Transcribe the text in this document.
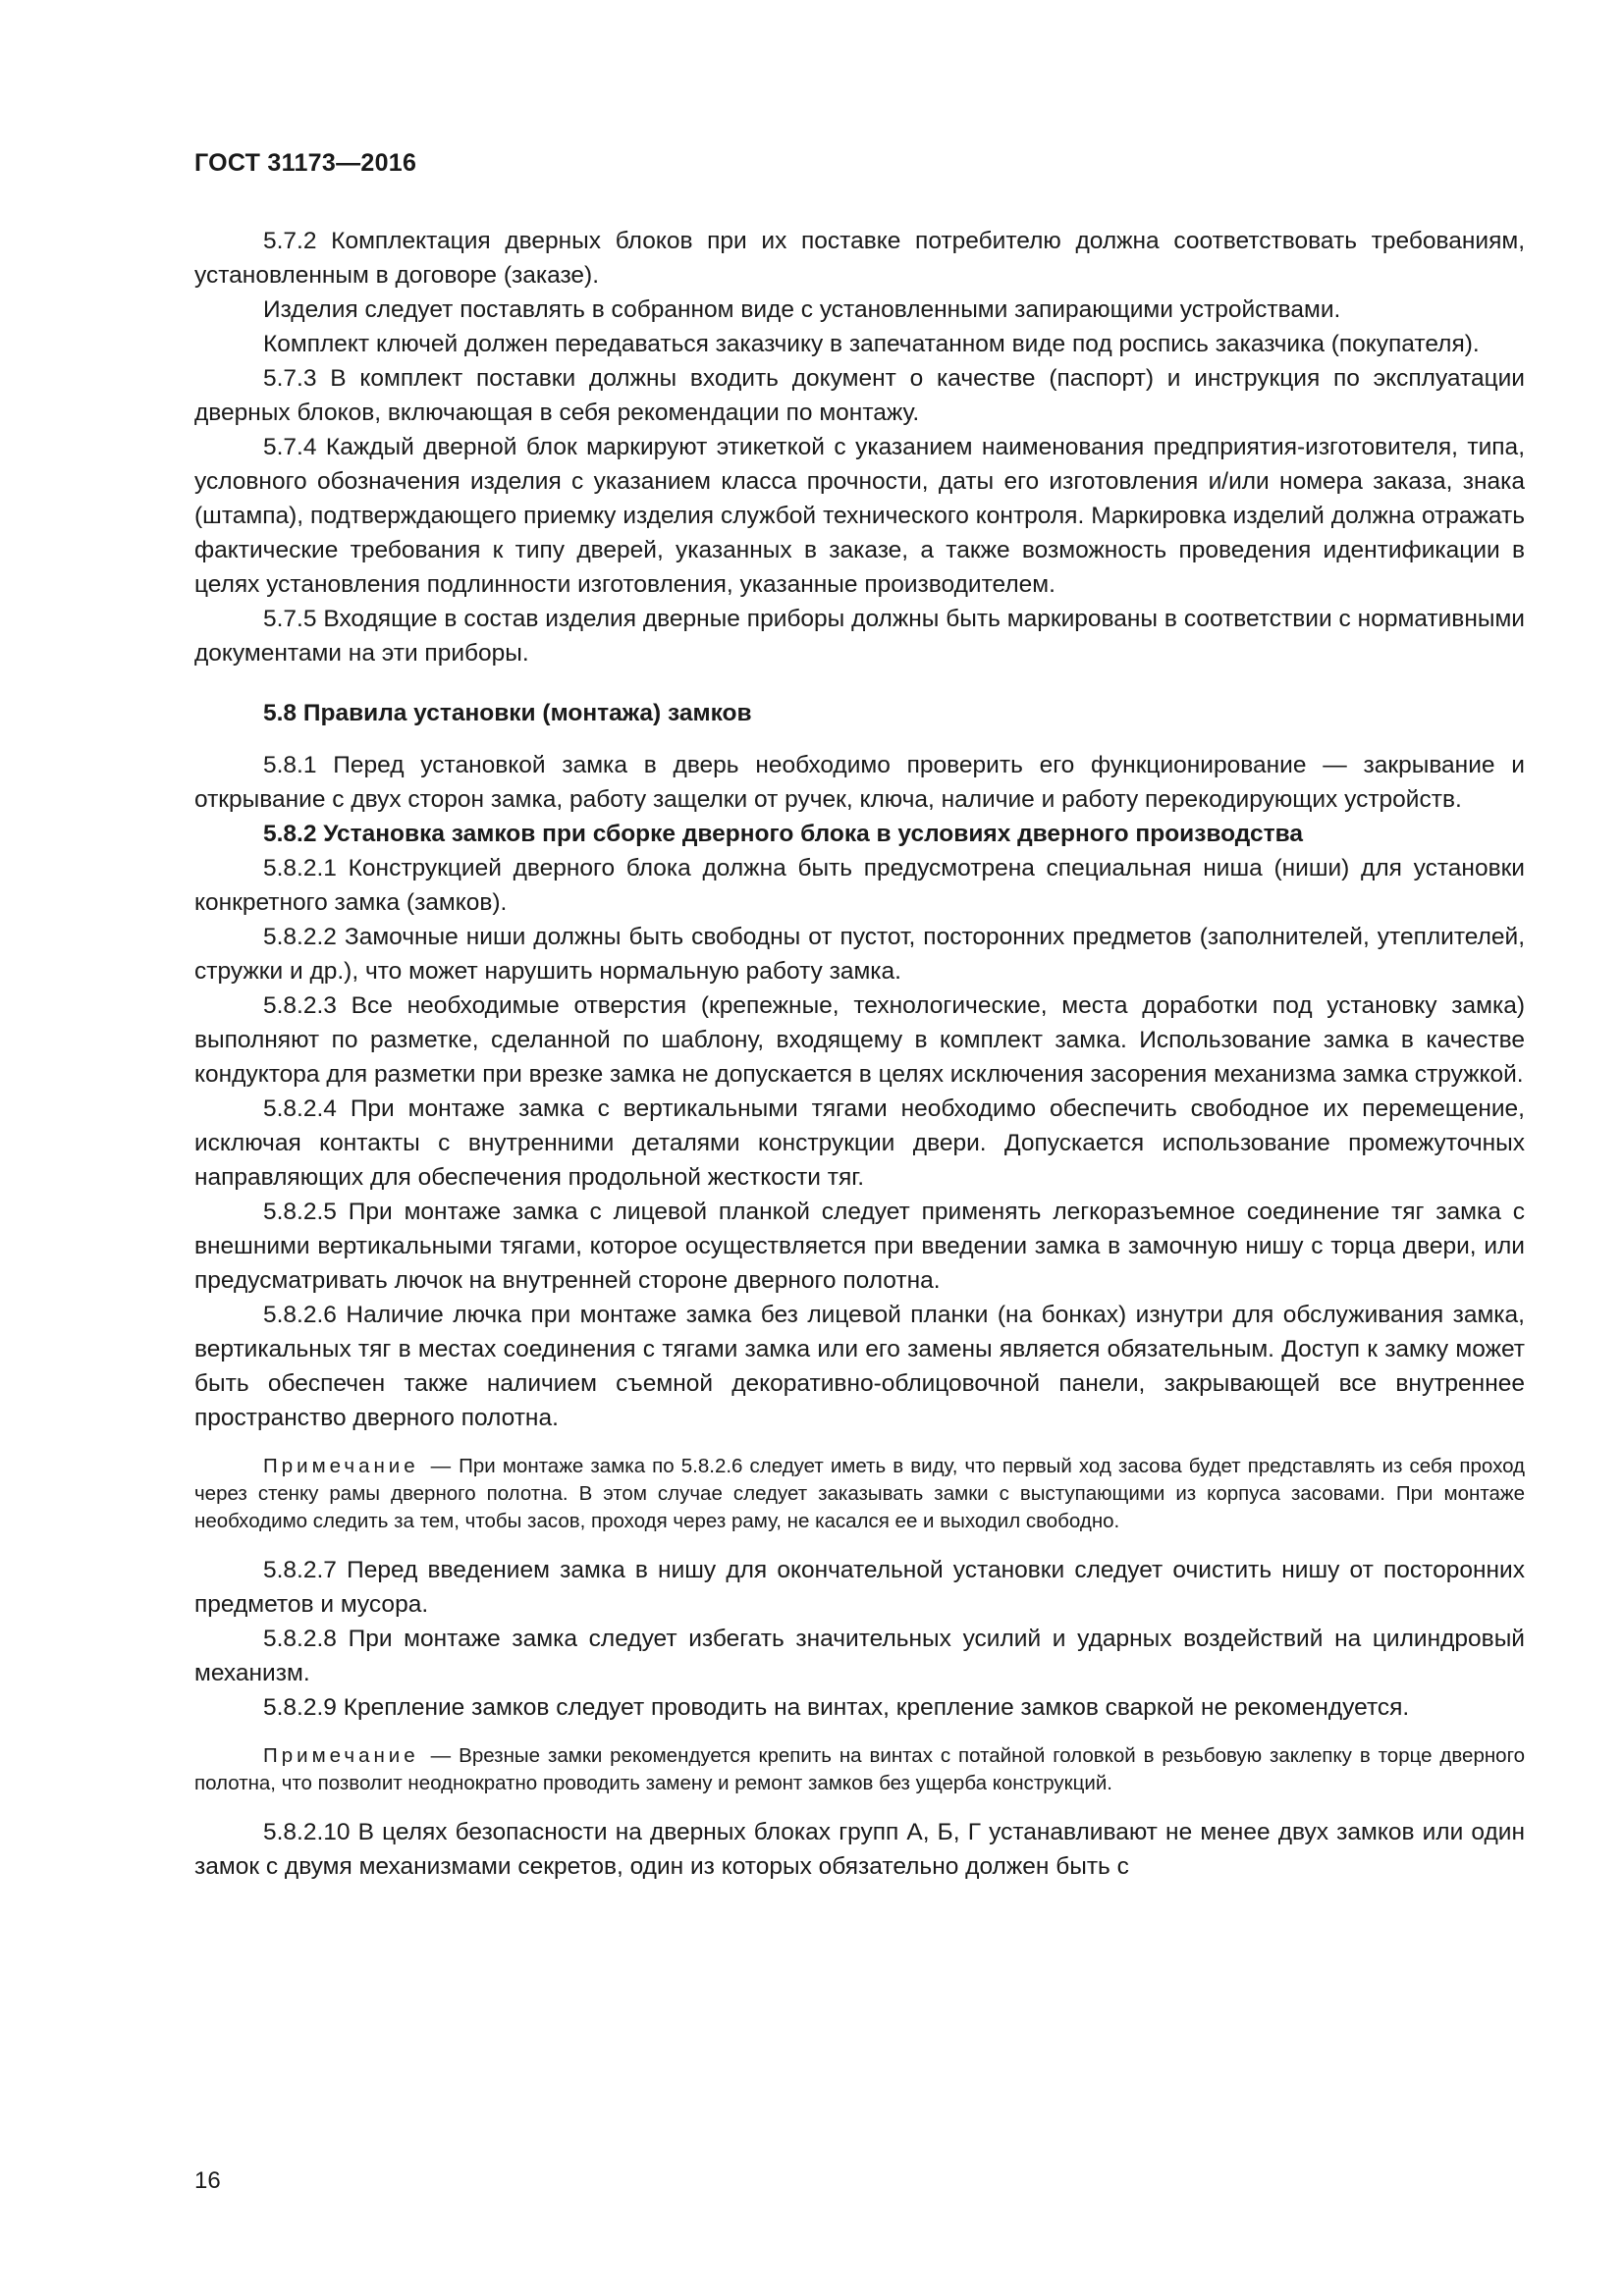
ГОСТ 31173—2016

5.7.2 Комплектация дверных блоков при их поставке потребителю должна соответствовать требованиям, установленным в договоре (заказе).

Изделия следует поставлять в собранном виде с установленными запирающими устройствами.

Комплект ключей должен передаваться заказчику в запечатанном виде под роспись заказчика (покупателя).

5.7.3 В комплект поставки должны входить документ о качестве (паспорт) и инструкция по эксплуатации дверных блоков, включающая в себя рекомендации по монтажу.

5.7.4 Каждый дверной блок маркируют этикеткой с указанием наименования предприятия-изготовителя, типа, условного обозначения изделия с указанием класса прочности, даты его изготовления и/или номера заказа, знака (штампа), подтверждающего приемку изделия службой технического контроля. Маркировка изделий должна отражать фактические требования к типу дверей, указанных в заказе, а также возможность проведения идентификации в целях установления подлинности изготовления, указанные производителем.

5.7.5 Входящие в состав изделия дверные приборы должны быть маркированы в соответствии с нормативными документами на эти приборы.

5.8 Правила установки (монтажа) замков

5.8.1 Перед установкой замка в дверь необходимо проверить его функционирование — закрывание и открывание с двух сторон замка, работу защелки от ручек, ключа, наличие и работу перекодирующих устройств.

5.8.2 Установка замков при сборке дверного блока в условиях дверного производства

5.8.2.1 Конструкцией дверного блока должна быть предусмотрена специальная ниша (ниши) для установки конкретного замка (замков).

5.8.2.2 Замочные ниши должны быть свободны от пустот, посторонних предметов (заполнителей, утеплителей, стружки и др.), что может нарушить нормальную работу замка.

5.8.2.3 Все необходимые отверстия (крепежные, технологические, места доработки под установку замка) выполняют по разметке, сделанной по шаблону, входящему в комплект замка. Использование замка в качестве кондуктора для разметки при врезке замка не допускается в целях исключения засорения механизма замка стружкой.

5.8.2.4 При монтаже замка с вертикальными тягами необходимо обеспечить свободное их перемещение, исключая контакты с внутренними деталями конструкции двери. Допускается использование промежуточных направляющих для обеспечения продольной жесткости тяг.

5.8.2.5 При монтаже замка с лицевой планкой следует применять легкоразъемное соединение тяг замка с внешними вертикальными тягами, которое осуществляется при введении замка в замочную нишу с торца двери, или предусматривать лючок на внутренней стороне дверного полотна.

5.8.2.6 Наличие лючка при монтаже замка без лицевой планки (на бонках) изнутри для обслуживания замка, вертикальных тяг в местах соединения с тягами замка или его замены является обязательным. Доступ к замку может быть обеспечен также наличием съемной декоративно-облицовочной панели, закрывающей все внутреннее пространство дверного полотна.

Примечание — При монтаже замка по 5.8.2.6 следует иметь в виду, что первый ход засова будет представлять из себя проход через стенку рамы дверного полотна. В этом случае следует заказывать замки с выступающими из корпуса засовами. При монтаже необходимо следить за тем, чтобы засов, проходя через раму, не касался ее и выходил свободно.

5.8.2.7 Перед введением замка в нишу для окончательной установки следует очистить нишу от посторонних предметов и мусора.

5.8.2.8 При монтаже замка следует избегать значительных усилий и ударных воздействий на цилиндровый механизм.

5.8.2.9 Крепление замков следует проводить на винтах, крепление замков сваркой не рекомендуется.

Примечание — Врезные замки рекомендуется крепить на винтах с потайной головкой в резьбовую заклепку в торце дверного полотна, что позволит неоднократно проводить замену и ремонт замков без ущерба конструкций.

5.8.2.10 В целях безопасности на дверных блоках групп А, Б, Г устанавливают не менее двух замков или один замок с двумя механизмами секретов, один из которых обязательно должен быть с

16
